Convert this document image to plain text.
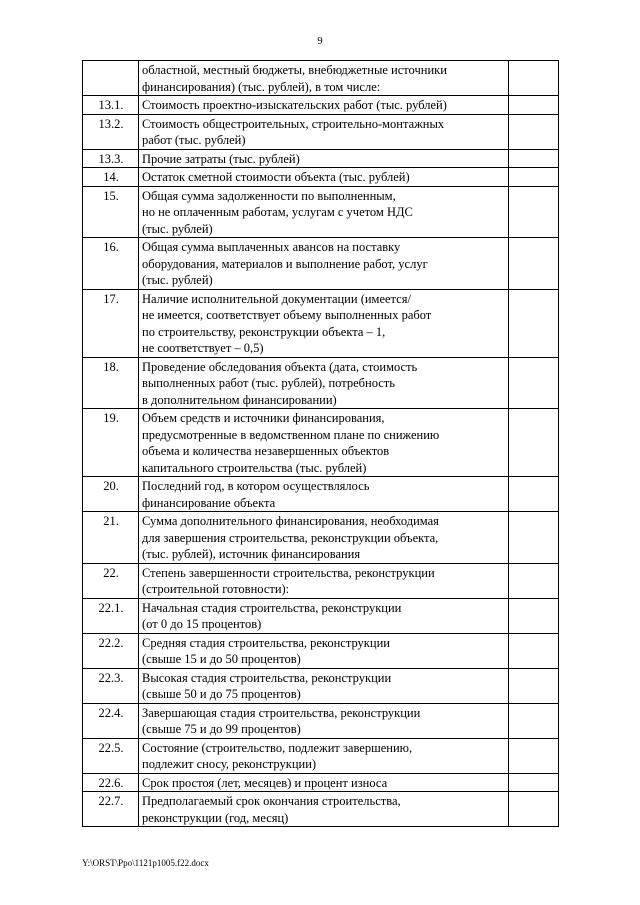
9

	областной, местный бюджеты, внебюджетные источники
финансирования) (тыс. рублей), в том числе:	

13.1.	Стоимость проектно-изыскательских работ (тыс. рублей)	

13.2.	Стоимость общестроительных, строительно-монтажных
работ (тыс. рублей)	

13.3.	Прочие затраты (тыс. рублей)	

14.	Остаток сметной стоимости объекта (тыс. рублей)	

15.	Общая сумма задолженности по выполненным,
но не оплаченным работам, услугам с учетом НДС
(тыс. рублей)	

16.	Общая сумма выплаченных авансов на поставку
оборудования, материалов и выполнение работ, услуг
(тыс. рублей)	

17.	Наличие исполнительной документации (имеется/
не имеется, соответствует объему выполненных работ
по строительству, реконструкции объекта – 1,
не соответствует – 0,5)	

18.	Проведение обследования объекта (дата, стоимость
выполненных работ (тыс. рублей), потребность
в дополнительном финансировании)	

19.	Объем средств и источники финансирования,
предусмотренные в ведомственном плане по снижению
объема и количества незавершенных объектов
капитального строительства (тыс. рублей)	

20.	Последний год, в котором осуществлялось
финансирование объекта	

21.	Сумма дополнительного финансирования, необходимая
для завершения строительства, реконструкции объекта,
(тыс. рублей), источник финансирования	

22.	Степень завершенности строительства, реконструкции
(строительной готовности):	

22.1.	Начальная стадия строительства, реконструкции
(от 0 до 15 процентов)	

22.2.	Средняя стадия строительства, реконструкции
(свыше 15 и до 50 процентов)	

22.3.	Высокая стадия строительства, реконструкции
(свыше 50 и до 75 процентов)	

22.4.	Завершающая стадия строительства, реконструкции
(свыше 75 и до 99 процентов)	

22.5.	Состояние (строительство, подлежит завершению,
подлежит сносу, реконструкции)	

22.6.	Срок простоя (лет, месяцев) и процент износа	

22.7.	Предполагаемый срок окончания строительства,
реконструкции (год, месяц)	

Y:\ORST\Ppo\1121p1005.f22.docx
